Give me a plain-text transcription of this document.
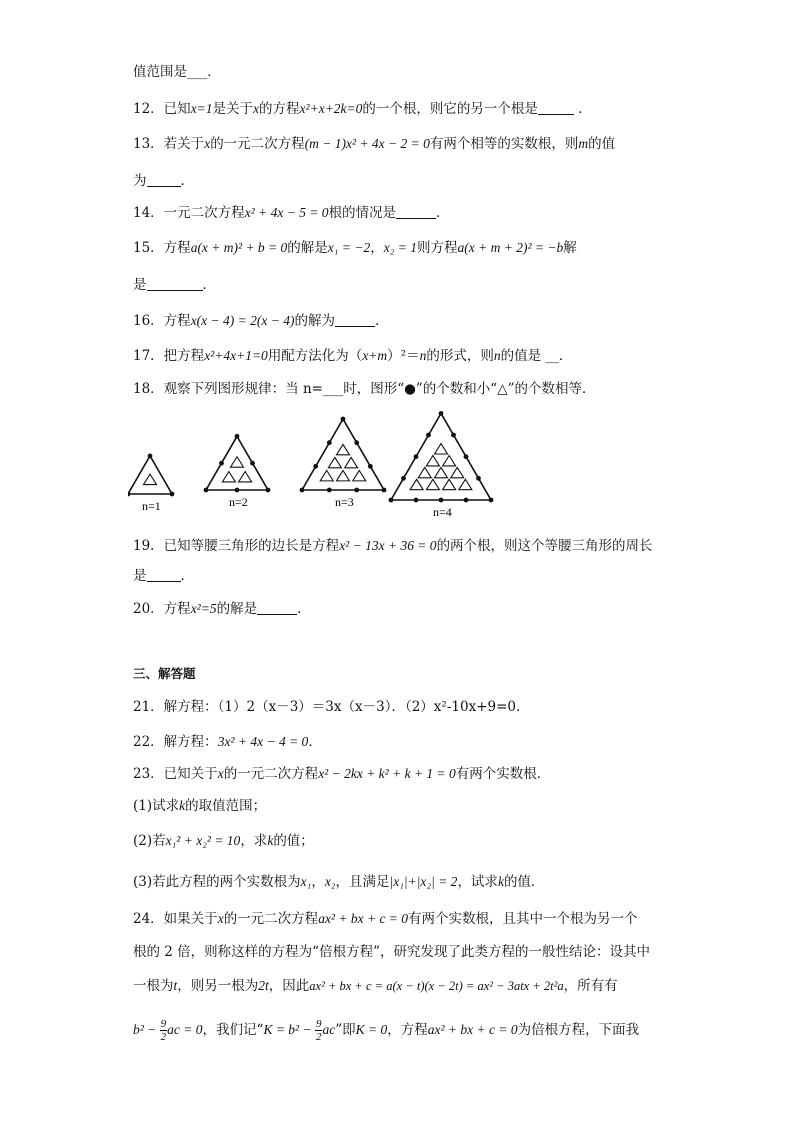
值范围是___．
12．已知x=1是关于x的方程x²+x+2k=0的一个根，则它的另一个根是	．
13．若关于x的一元二次方程(m − 1)x² + 4x − 2 = 0有两个相等的实数根，则m的值
为	．
14．一元二次方程x² + 4x − 5 = 0根的情况是	．
15．方程a(x + m)² + b = 0的解是x₁ = −2，x₂ = 1则方程a(x + m + 2)² = −b解
是	．
16．方程x(x − 4) = 2(x − 4)的解为	．
17．把方程x²+4x+1=0用配方法化为（x+m）²＝n的形式，则n的值是 __．
18．观察下列图形规律：当 n=___时，图形“●”的个数和小“△”的个数相等．
n=1	n=2	n=3
n=4
19．已知等腰三角形的边长是方程x² − 13x + 36 = 0的两个根，则这个等腰三角形的周长
是	．
20．方程x²=5的解是	．
三、解答题
21．解方程：（1）2（x－3）＝3x（x－3）．（2）x²-10x+9=0.
22．解方程：3x² + 4x − 4 = 0．
23．已知关于x的一元二次方程x² − 2kx + k² + k + 1 = 0有两个实数根．
(1)试求k的取值范围；
(2)若x₁² + x₂² = 10，求k的值；
(3)若此方程的两个实数根为x₁，x₂，且满足|x₁|+|x₂| = 2，试求k的值．
24．如果关于x的一元二次方程ax² + bx + c = 0有两个实数根，且其中一个根为另一个
根的 2 倍，则称这样的方程为“倍根方程”，研究发现了此类方程的一般性结论：设其中
一根为t，则另一根为2t，因此ax² + bx + c = a(x − t)(x − 2t) = ax² − 3atx + 2t²a，所有有
$b^2 - \frac{9}{2}$ ac = 0，我们记“$K = b^2 - \frac{9}{2}$ ac”即K = 0，方程ax² + bx + c = 0为倍根方程，下面我
